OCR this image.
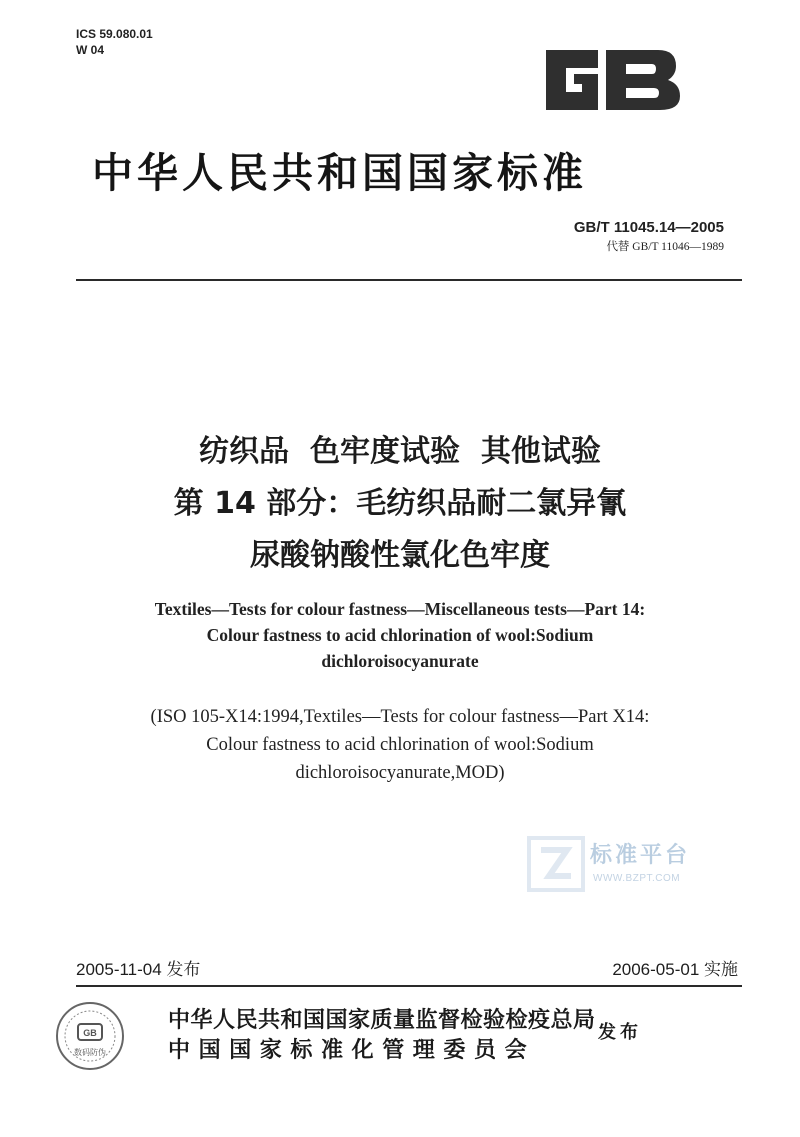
ICS 59.080.01
W 04
中华人民共和国国家标准
GB/T 11045.14—2005
代替 GB/T 11046—1989
纺织品  色牢度试验  其他试验
第 14 部分：毛纺织品耐二氯异氰
尿酸钠酸性氯化色牢度
Textiles—Tests for colour fastness—Miscellaneous tests—Part 14:
Colour fastness to acid chlorination of wool:Sodium
dichloroisocyanurate
(ISO 105-X14:1994,Textiles—Tests for colour fastness—Part X14:
Colour fastness to acid chlorination of wool:Sodium
dichloroisocyanurate,MOD)
标准平台
WWW.BZPT.COM
2005-11-04 发布	2006-05-01 实施
GB
数码防伪
中华人民共和国国家质量监督检验检疫总局
中国国家标准化管理委员会
发布
